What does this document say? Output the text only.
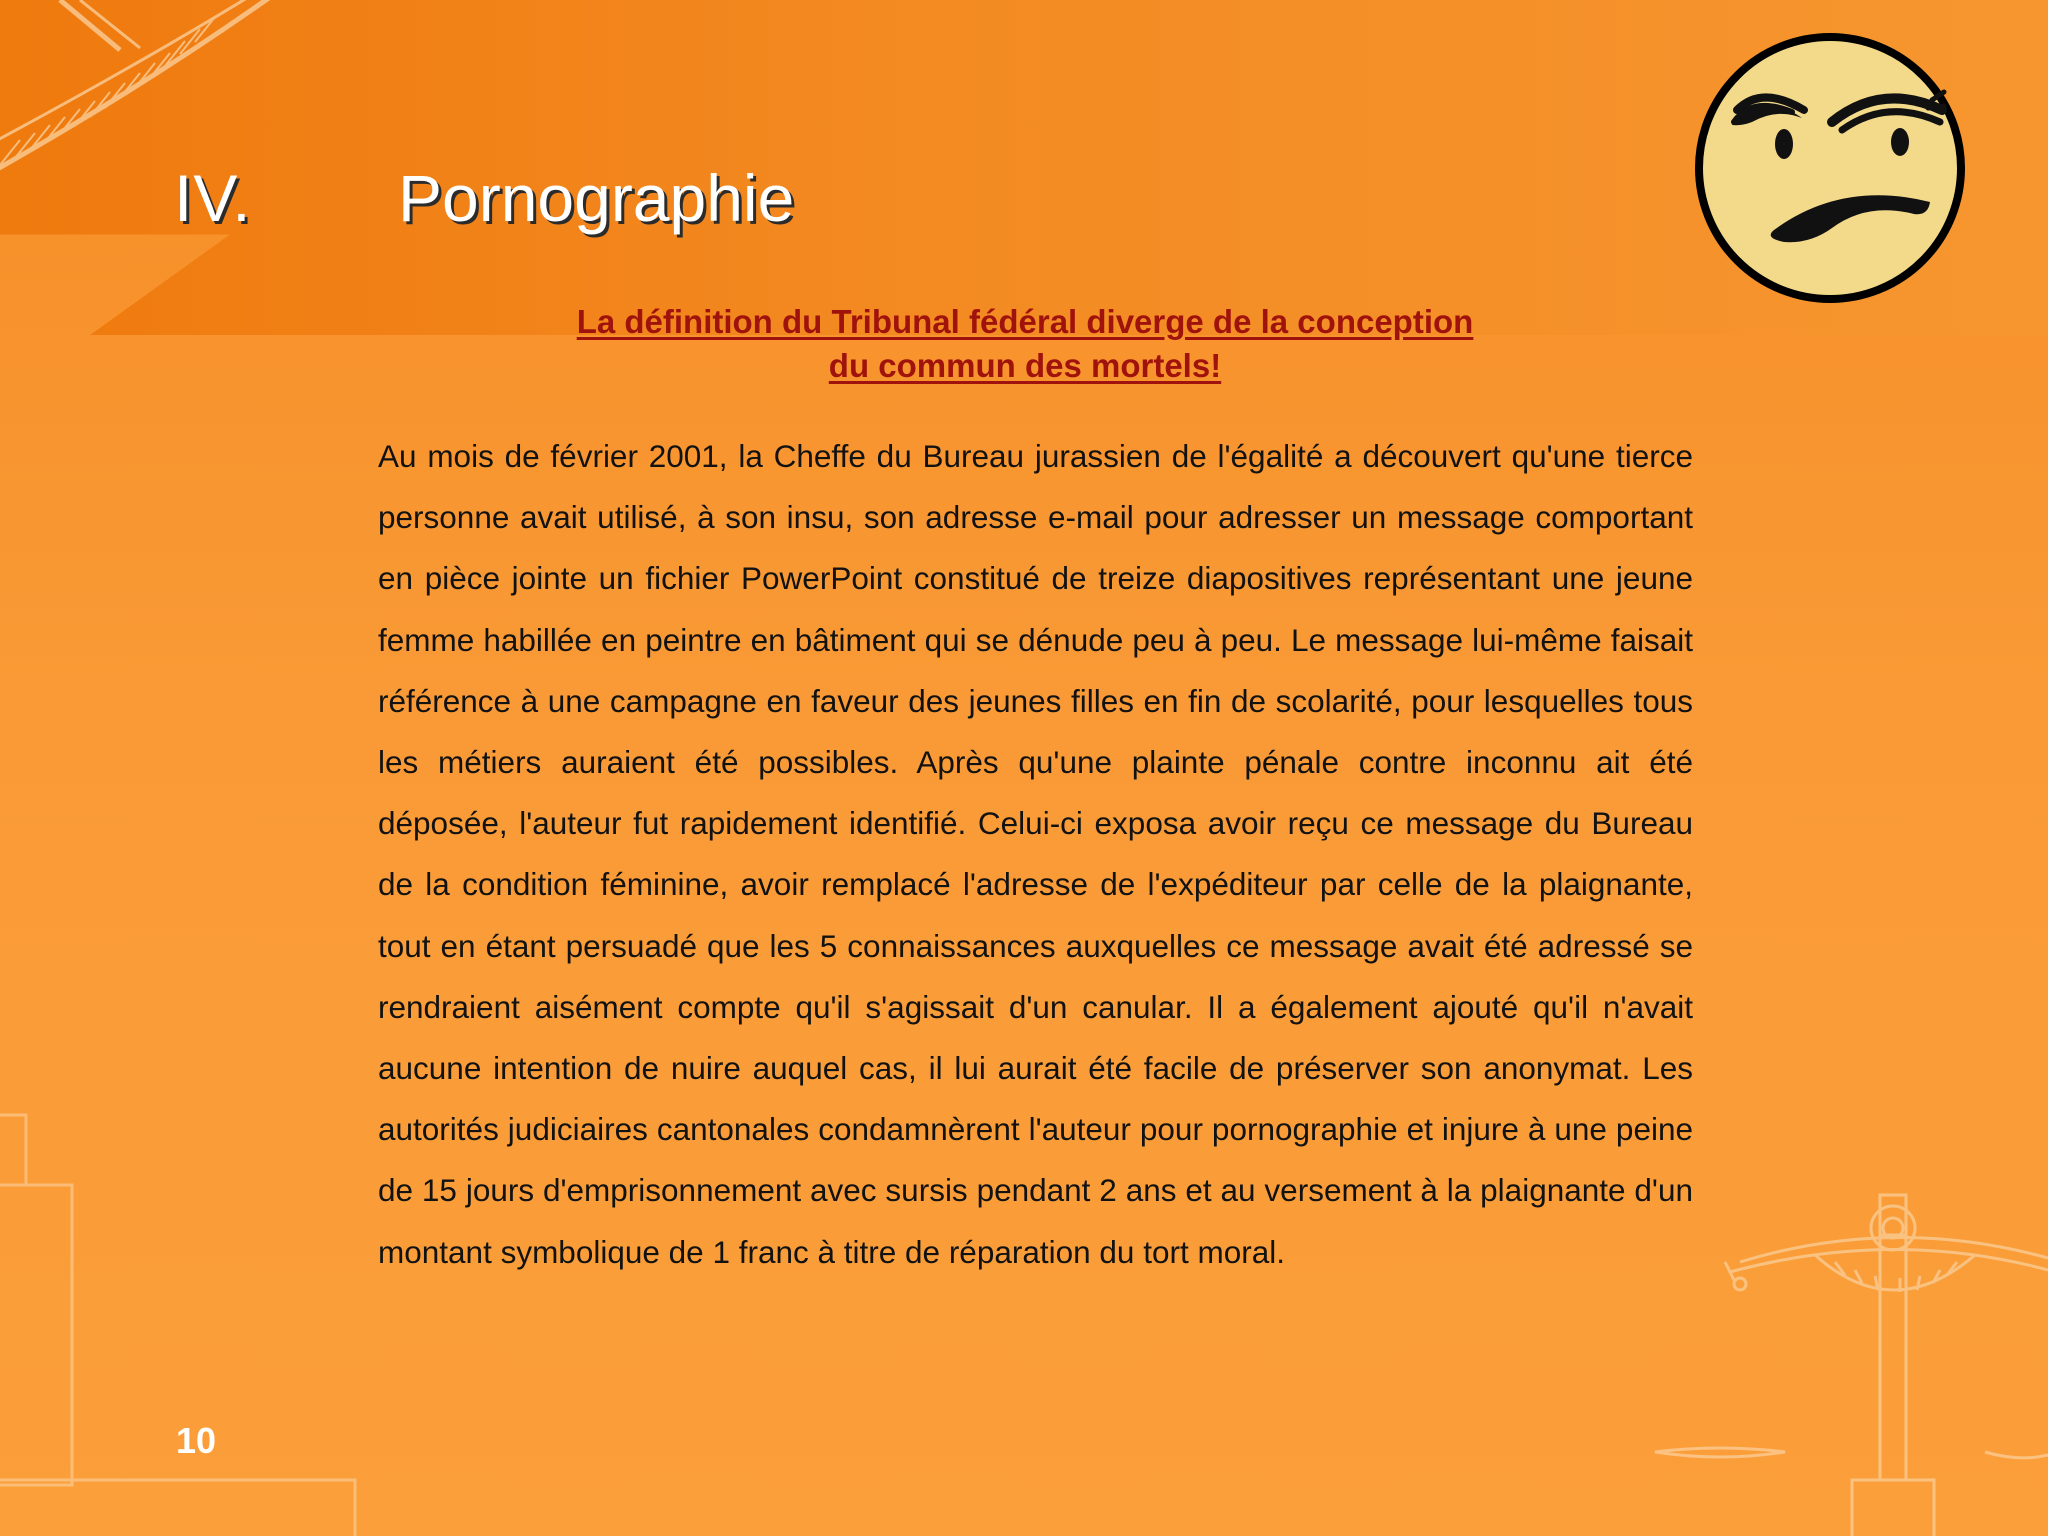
IV. Pornographie
La définition du Tribunal fédéral diverge de la conception du commun des mortels!
Au mois de février 2001, la Cheffe du Bureau jurassien de l'égalité a découvert qu'une tierce personne avait utilisé, à son insu, son adresse e-mail pour adresser un message comportant en pièce jointe un fichier PowerPoint constitué de treize diapositives représentant une jeune femme habillée en peintre en bâtiment qui se dénude peu à peu. Le message lui-même faisait référence à une campagne en faveur des jeunes filles en fin de scolarité, pour lesquelles tous les métiers auraient été possibles. Après qu'une plainte pénale contre inconnu ait été déposée, l'auteur fut rapidement identifié. Celui-ci exposa avoir reçu ce message du Bureau de la condition féminine, avoir remplacé l'adresse de l'expéditeur par celle de la plaignante, tout en étant persuadé que les 5 connaissances auxquelles ce message avait été adressé se rendraient aisément compte qu'il s'agissait d'un canular. Il a également ajouté qu'il n'avait aucune intention de nuire auquel cas, il lui aurait été facile de préserver son anonymat. Les autorités judiciaires cantonales condamnèrent l'auteur pour pornographie et injure à une peine de 15 jours d'emprisonnement avec sursis pendant 2 ans et au versement à la plaignante d'un montant symbolique de 1 franc à titre de réparation du tort moral.
10
